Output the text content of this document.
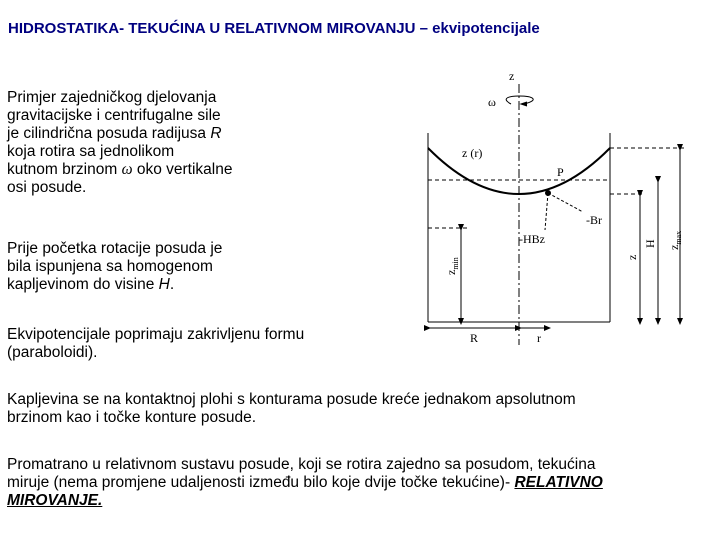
HIDROSTATIKA- TEKUĆINA U RELATIVNOM MIROVANJU – ekvipotencijale
Primjer zajedničkog djelovanja
gravitacijske i centrifugalne sile
je cilindrična posuda radijusa R
koja rotira sa jednolikom
kutnom brzinom ω oko vertikalne
osi posude.
Prije početka rotacije posuda je
bila ispunjena sa homogenom
kapljevinom do visine H.
Ekvipotencijale poprimaju zakrivljenu formu
(paraboloidi).
Kapljevina se na kontaktnoj plohi s konturama posude kreće jednakom apsolutnom
brzinom kao i točke konture posude.
Promatrano u relativnom sustavu posude, koji se rotira zajedno sa posudom, tekućina
miruje (nema promjene udaljenosti između bilo koje dvije točke tekućine)- RELATIVNO
MIROVANJE.
z
ω
z (r)
P
-Br
-HBz
$z_{min}$	z
H $z_{max}$
R	r
